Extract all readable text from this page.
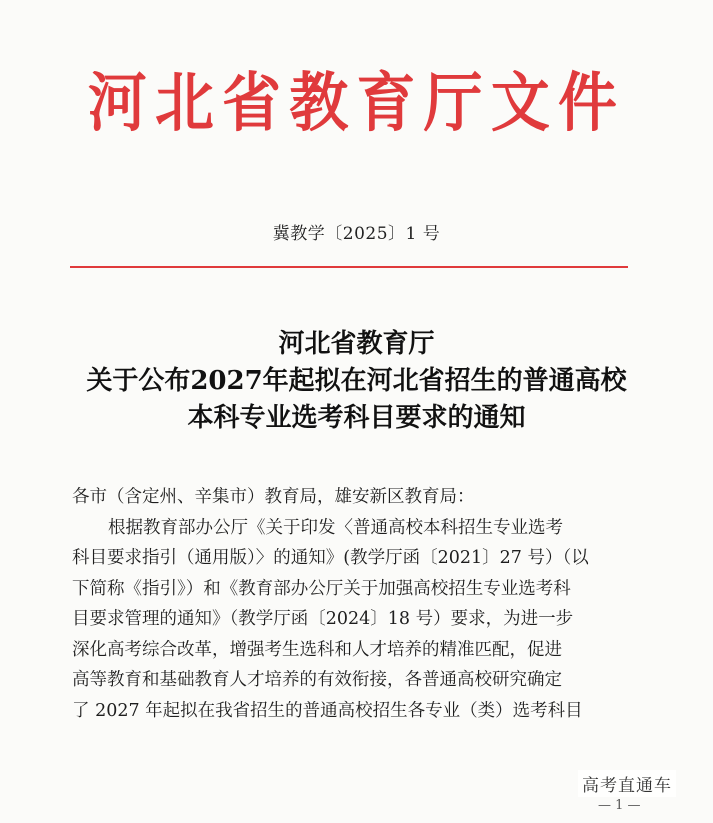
河北省教育厅文件
冀教学〔2025〕1 号
河北省教育厅
关于公布2027年起拟在河北省招生的普通高校
本科专业选考科目要求的通知
各市（含定州、辛集市）教育局，雄安新区教育局：
根据教育部办公厅《关于印发〈普通高校本科招生专业选考
科目要求指引（通用版）〉的通知》(教学厅函〔2021〕27 号）（以
下简称《指引》）和《教育部办公厅关于加强高校招生专业选考科
目要求管理的通知》（教学厅函〔2024〕18 号）要求，为进一步
深化高考综合改革，增强考生选科和人才培养的精准匹配，促进
高等教育和基础教育人才培养的有效衔接，各普通高校研究确定
了 2027 年起拟在我省招生的普通高校招生各专业（类）选考科目
— 1 —
高考直通车
